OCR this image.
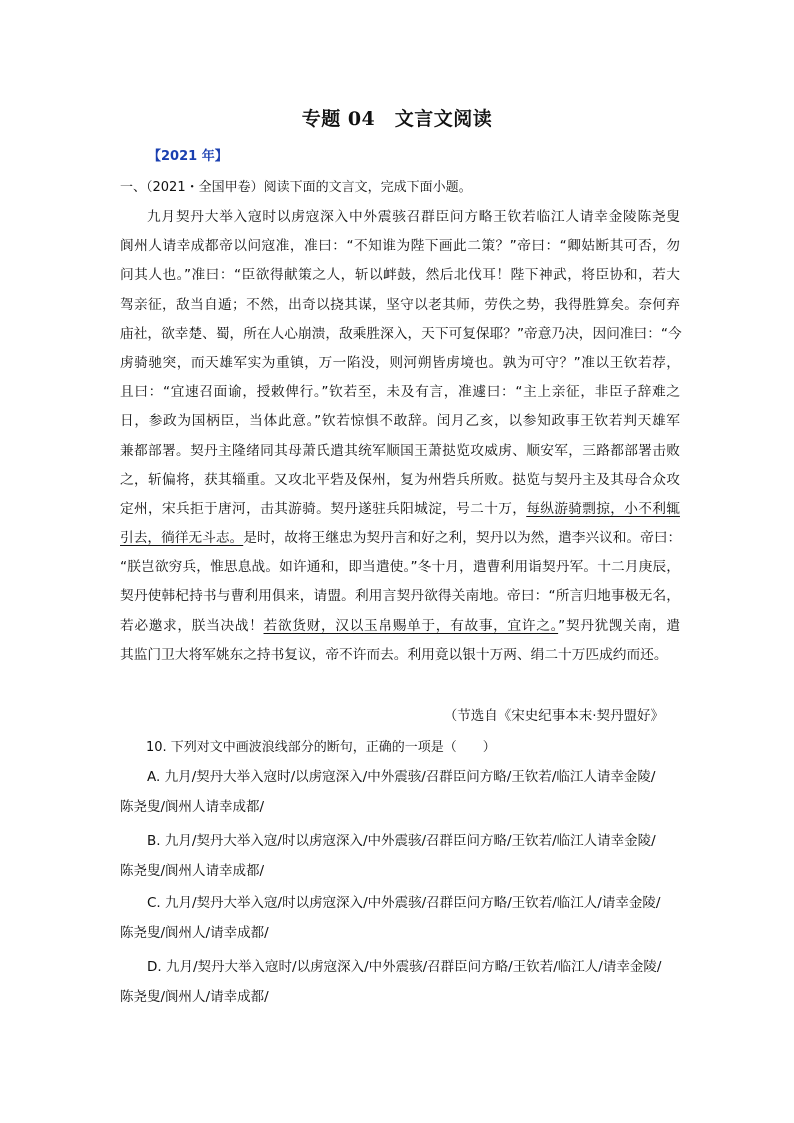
专题 04　文言文阅读
【2021 年】
一、（2021・全国甲卷）阅读下面的文言文，完成下面小题。
九月契丹大举入寇时以虏寇深入中外震骇召群臣问方略王钦若临江人请幸金陵陈尧叟
阆州人请幸成都帝以问寇准，准曰：“不知谁为陛下画此二策？”帝曰：“卿姑断其可否，勿
问其人也。”准曰：“臣欲得献策之人，斩以衅鼓，然后北伐耳！陛下神武，将臣协和，若大
驾亲征，敌当自遁；不然，出奇以挠其谋，坚守以老其师，劳佚之势，我得胜算矣。奈何弃
庙社，欲幸楚、蜀，所在人心崩溃，敌乘胜深入，天下可复保耶？”帝意乃决，因问准曰：“今
虏骑驰突，而天雄军实为重镇，万一陷没，则河朔皆虏境也。孰为可守？”准以王钦若荐，
且曰：“宜速召面谕，授敕俾行。”钦若至，未及有言，准遽曰：“主上亲征，非臣子辞难之
日，参政为国柄臣，当体此意。”钦若惊惧不敢辞。闰月乙亥，以参知政事王钦若判天雄军
兼都部署。契丹主隆绪同其母萧氏遣其统军顺国王萧挞览攻威虏、顺安军，三路都部署击败
之，斩偏将，获其辎重。又攻北平砦及保州，复为州砦兵所败。挞览与契丹主及其母合众攻
定州，宋兵拒于唐河，击其游骑。契丹遂驻兵阳城淀，号二十万，每纵游骑剽掠，小不利辄
引去，徜徉无斗志。是时，故将王继忠为契丹言和好之利，契丹以为然，遣李兴议和。帝曰：
“朕岂欲穷兵，惟思息战。如许通和，即当遣使。”冬十月，遣曹利用诣契丹军。十二月庚辰，
契丹使韩杞持书与曹利用俱来，请盟。利用言契丹欲得关南地。帝曰：“所言归地事极无名，
若必邀求，朕当决战！若欲货财，汉以玉帛赐单于，有故事，宜许之。”契丹犹觊关南，遣
其监门卫大将军姚东之持书复议，帝不许而去。利用竟以银十万两、绢二十万匹成约而还。
（节选自《宋史纪事本末·契丹盟好》
10. 下列对文中画波浪线部分的断句，正确的一项是（　　）
A. 九月/契丹大举入寇时/以虏寇深入/中外震骇/召群臣问方略/王钦若/临江人请幸金陵/
陈尧叟/阆州人请幸成都/
B. 九月/契丹大举入寇/时以虏寇深入/中外震骇/召群臣问方略/王钦若/临江人请幸金陵/
陈尧叟/阆州人请幸成都/
C. 九月/契丹大举入寇/时以虏寇深入/中外震骇/召群臣问方略/王钦若/临江人/请幸金陵/
陈尧叟/阆州人/请幸成都/
D. 九月/契丹大举入寇时/以虏寇深入/中外震骇/召群臣问方略/王钦若/临江人/请幸金陵/
陈尧叟/阆州人/请幸成都/
